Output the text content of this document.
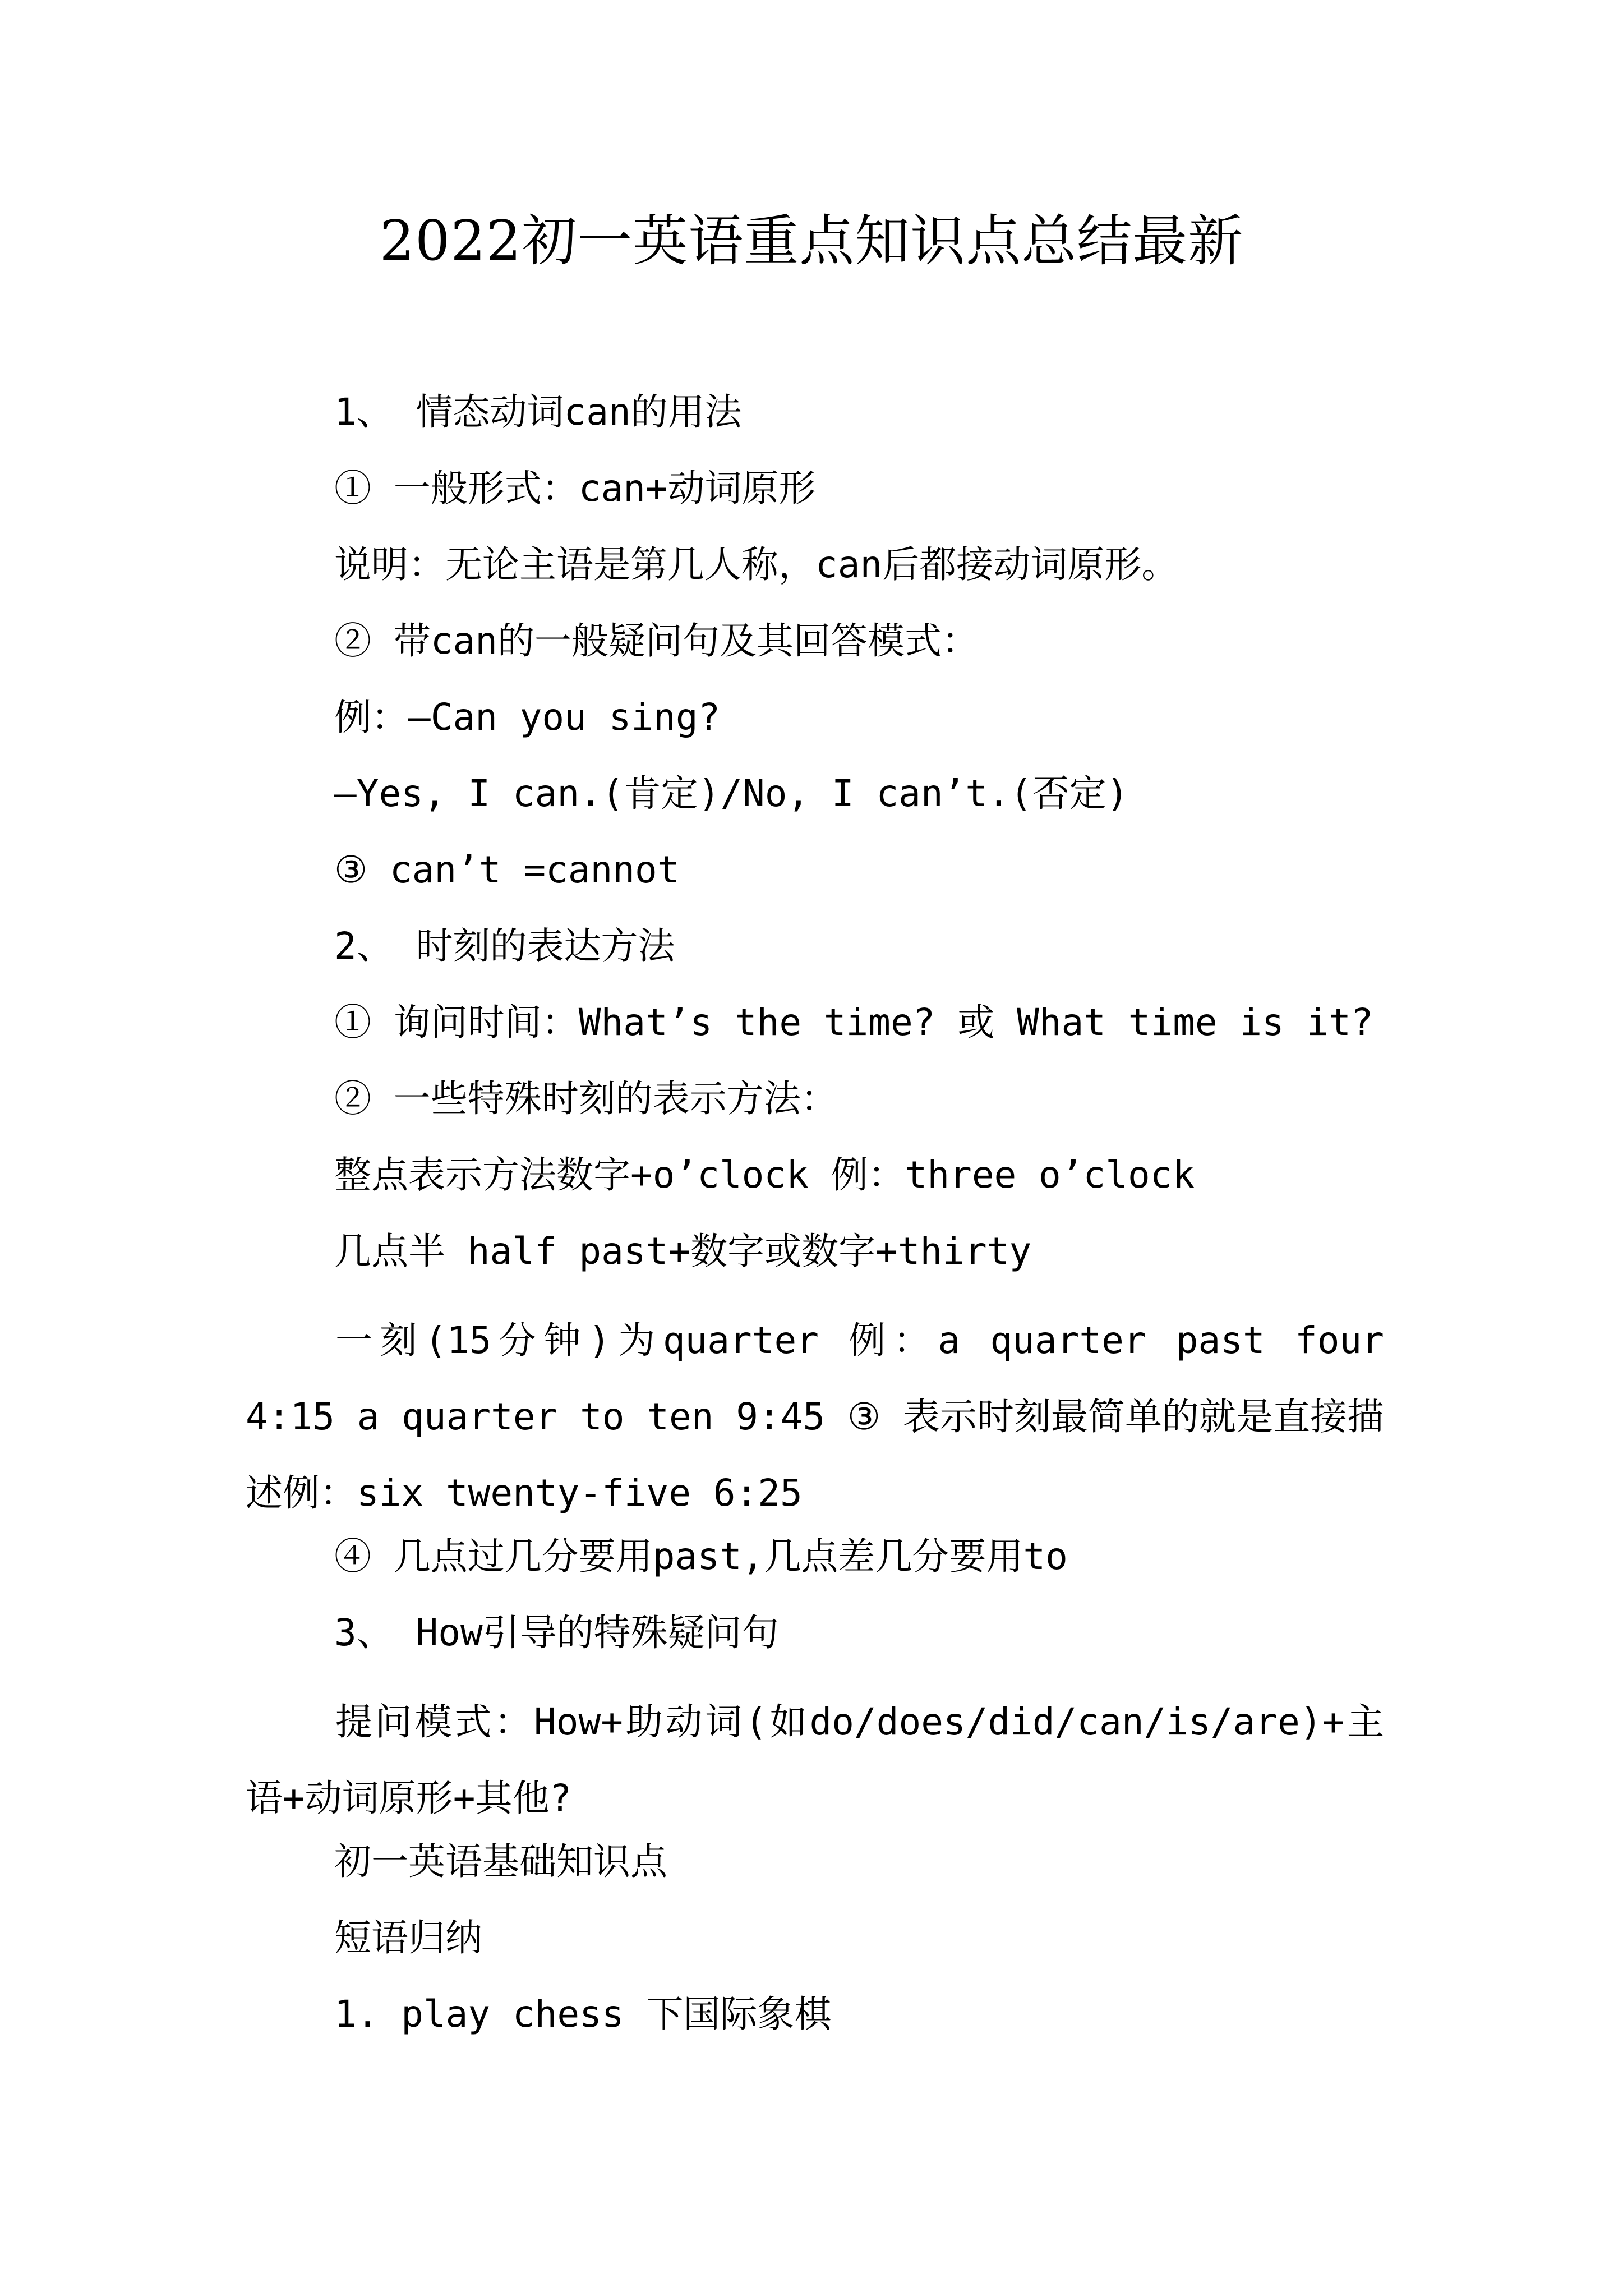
2022初一英语重点知识点总结最新

1、 情态动词can的用法

① 一般形式：can+动词原形

说明：无论主语是第几人称，can后都接动词原形。

② 带can的一般疑问句及其回答模式：

例：—Can you sing?

—Yes, I can.(肯定)/No, I can’t.(否定)

③ can’t =cannot

2、 时刻的表达方法

① 询问时间：What’s the time? 或 What time is it?

② 一些特殊时刻的表示方法：

整点表示方法数字+o’clock 例：three o’clock

几点半 half past+数字或数字+thirty

一刻(15分钟)为quarter 例：a quarter past four 4:15 a quarter to ten 9:45 ③ 表示时刻最简单的就是直接描述例：six twenty-five 6:25

④ 几点过几分要用past,几点差几分要用to

3、 How引导的特殊疑问句

提问模式：How+助动词(如do/does/did/can/is/are)+主语+动词原形+其他?

初一英语基础知识点

短语归纳

1. play chess 下国际象棋
